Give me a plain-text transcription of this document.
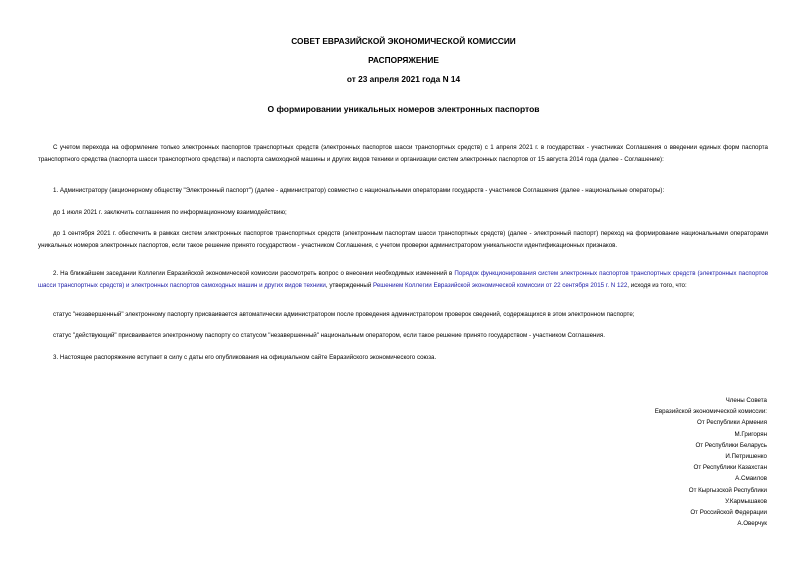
СОВЕТ ЕВРАЗИЙСКОЙ ЭКОНОМИЧЕСКОЙ КОМИССИИ
РАСПОРЯЖЕНИЕ
от 23 апреля 2021 года N 14
О формировании уникальных номеров электронных паспортов

С учетом перехода на оформление только электронных паспортов транспортных средств (электронных паспортов шасси транспортных средств) с 1 апреля 2021 г. в государствах - участниках Соглашения о введении единых форм паспорта транспортного средства (паспорта шасси транспортного средства) и паспорта самоходной машины и других видов техники и организации систем электронных паспортов от 15 августа 2014 года (далее - Соглашение):

1. Администратору (акционерному обществу "Электронный паспорт") (далее - администратор) совместно с национальными операторами государств - участников Соглашения (далее - национальные операторы):

до 1 июля 2021 г. заключить соглашения по информационному взаимодействию;

до 1 сентября 2021 г. обеспечить в рамках систем электронных паспортов транспортных средств (электронным паспортам шасси транспортных средств) (далее - электронный паспорт) переход на формирование национальными операторами уникальных номеров электронных паспортов, если такое решение принято государством - участником Соглашения, с учетом проверки администратором уникальности идентификационных признаков.

2. На ближайшем заседании Коллегии Евразийской экономической комиссии рассмотреть вопрос о внесении необходимых изменений в Порядок функционирования систем электронных паспортов транспортных средств (электронных паспортов шасси транспортных средств) и электронных паспортов самоходных машин и других видов техники, утвержденный Решением Коллегии Евразийской экономической комиссии от 22 сентября 2015 г. N 122, исходя из того, что:

статус "незавершенный" электронному паспорту присваивается автоматически администратором после проведения администратором проверок сведений, содержащихся в этом электронном паспорте;

статус "действующий" присваивается электронному паспорту со статусом "незавершенный" национальным оператором, если такое решение принято государством - участником Соглашения.

3. Настоящее распоряжение вступает в силу с даты его опубликования на официальном сайте Евразийского экономического союза.

Члены Совета
Евразийской экономической комиссии:
От Республики Армения
М.Григорян
От Республики Беларусь
И.Петришенко
От Республики Казахстан
А.Смаилов
От Кыргызской Республики
У.Кармышаков
От Российской Федерации
А.Оверчук
